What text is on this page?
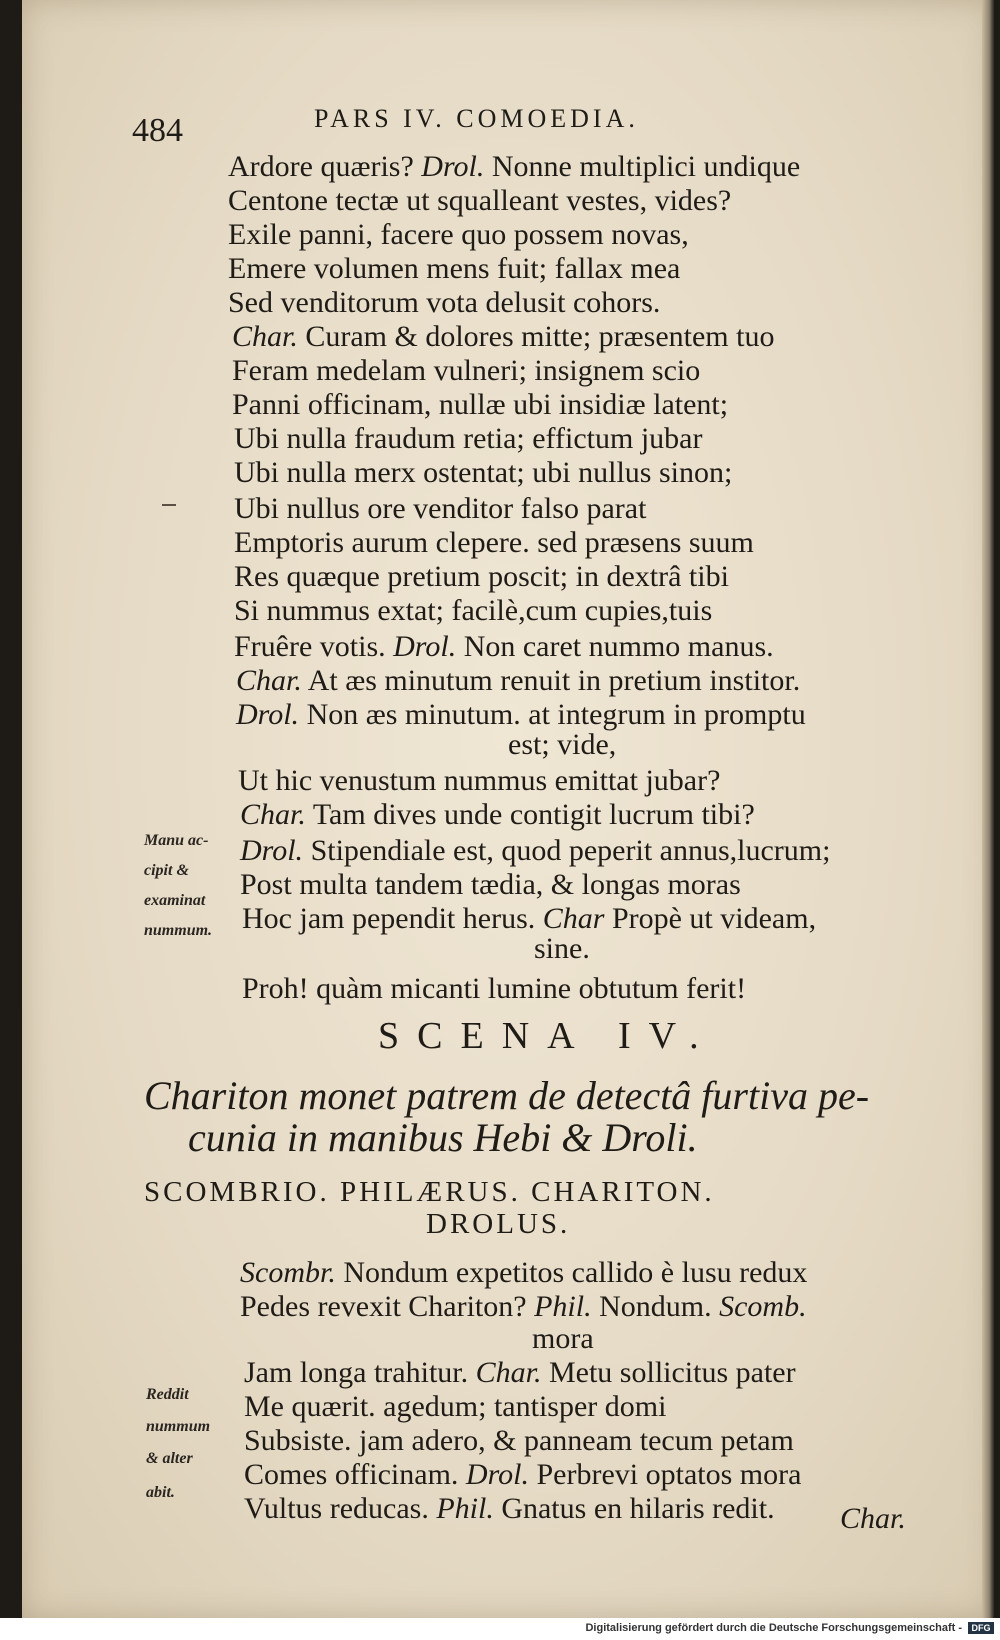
484	PARS IV. COMOEDIA.
Ardore quæris? Drol. Nonne multiplici undique
Centone tectæ ut squalleant vestes, vides?
Exile panni, facere quo possem novas,
Emere volumen mens fuit; fallax mea
Sed venditorum vota delusit cohors.
Char. Curam & dolores mitte; præsentem tuo
Feram medelam vulneri; insignem scio
Panni officinam, nullæ ubi insidiæ latent;
Ubi nulla fraudum retia; effictum jubar
Ubi nulla merx ostentat; ubi nullus sinon;
Ubi nullus ore venditor falso parat
Emptoris aurum clepere. sed præsens suum
Res quæque pretium poscit; in dextrâ tibi
Si nummus extat; facilè,cum cupies,tuis
Fruêre votis. Drol. Non caret nummo manus.
Char. At æs minutum renuit in pretium institor.
Drol. Non æs minutum. at integrum in promptu
est; vide,
Ut hic venustum nummus emittat jubar?
Char. Tam dives unde contigit lucrum tibi?
Drol. Stipendiale est, quod peperit annus,lucrum;
Post multa tandem tædia, & longas moras
Hoc jam pependit herus. Char Propè ut videam,
sine.
Proh! quàm micanti lumine obtutum ferit!
Manu ac-
cipit &
examinat
nummum.
SCENA IV.
Chariton monet patrem de detectâ furtiva pe-
cunia in manibus Hebi & Droli.
SCOMBRIO. PHILÆRUS. CHARITON.
DROLUS.
Scombr. Nondum expetitos callido è lusu redux
Pedes revexit Chariton? Phil. Nondum. Scomb.
mora
Jam longa trahitur. Char. Metu sollicitus pater
Me quærit. agedum; tantisper domi
Subsiste. jam adero, & panneam tecum petam
Comes officinam. Drol. Perbrevi optatos mora
Vultus reducas. Phil. Gnatus en hilaris redit.
Reddit
nummum
& alter
abit.
Char.
Digitalisierung gefördert durch die Deutsche Forschungsgemeinschaft -	DFG
